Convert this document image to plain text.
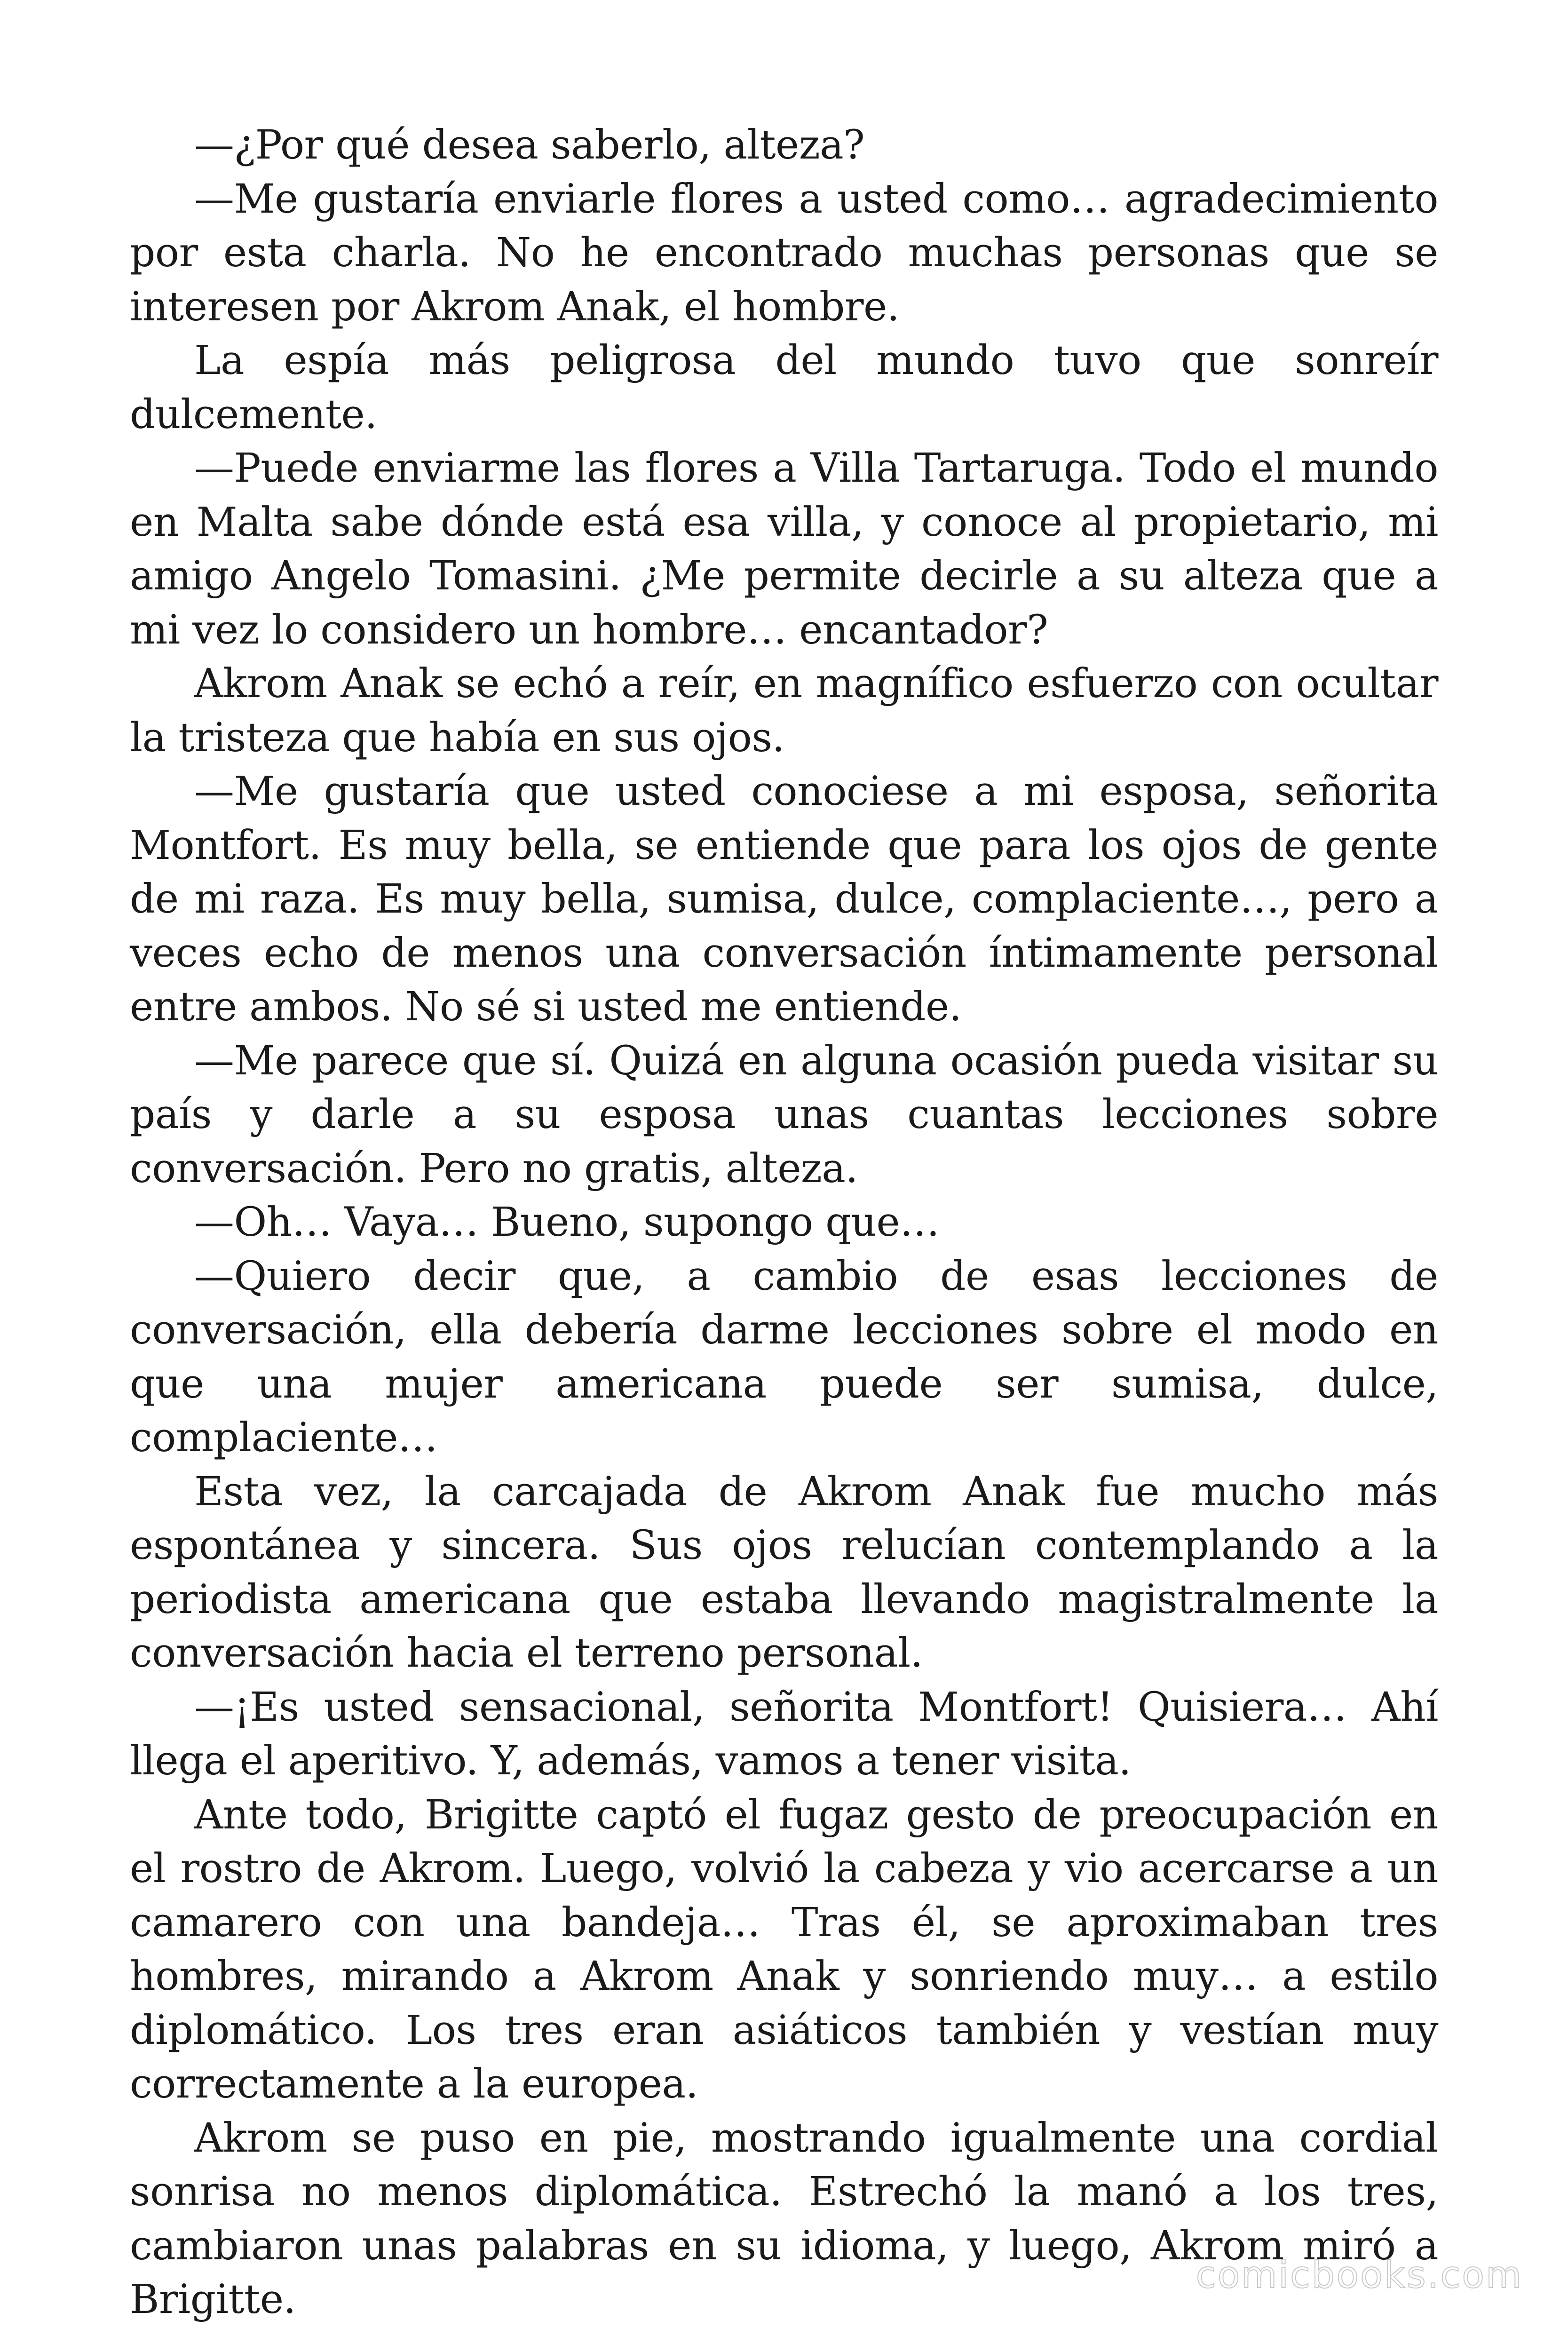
—¿Por qué desea saberlo, alteza?

—Me gustaría enviarle flores a usted como… agradecimiento por esta charla. No he encontrado muchas personas que se interesen por Akrom Anak, el hombre.

La espía más peligrosa del mundo tuvo que sonreír dulcemente.

—Puede enviarme las flores a Villa Tartaruga. Todo el mundo en Malta sabe dónde está esa villa, y conoce al propietario, mi amigo Angelo Tomasini. ¿Me permite decirle a su alteza que a mi vez lo considero un hombre… encantador?

Akrom Anak se echó a reír, en magnífico esfuerzo con ocultar la tristeza que había en sus ojos.

—Me gustaría que usted conociese a mi esposa, señorita Montfort. Es muy bella, se entiende que para los ojos de gente de mi raza. Es muy bella, sumisa, dulce, complaciente…, pero a veces echo de menos una conversación íntimamente personal entre ambos. No sé si usted me entiende.

—Me parece que sí. Quizá en alguna ocasión pueda visitar su país y darle a su esposa unas cuantas lecciones sobre conversación. Pero no gratis, alteza.

—Oh… Vaya… Bueno, supongo que…

—Quiero decir que, a cambio de esas lecciones de conversación, ella debería darme lecciones sobre el modo en que una mujer americana puede ser sumisa, dulce, complaciente…

Esta vez, la carcajada de Akrom Anak fue mucho más espontánea y sincera. Sus ojos relucían contemplando a la periodista americana que estaba llevando magistralmente la conversación hacia el terreno personal.

—¡Es usted sensacional, señorita Montfort! Quisiera… Ahí llega el aperitivo. Y, además, vamos a tener visita.

Ante todo, Brigitte captó el fugaz gesto de preocupación en el rostro de Akrom. Luego, volvió la cabeza y vio acercarse a un camarero con una bandeja… Tras él, se aproximaban tres hombres, mirando a Akrom Anak y sonriendo muy… a estilo diplomático. Los tres eran asiáticos también y vestían muy correctamente a la europea.

Akrom se puso en pie, mostrando igualmente una cordial sonrisa no menos diplomática. Estrechó la manó a los tres, cambiaron unas palabras en su idioma, y luego, Akrom miró a Brigitte.

comicbooks.com
